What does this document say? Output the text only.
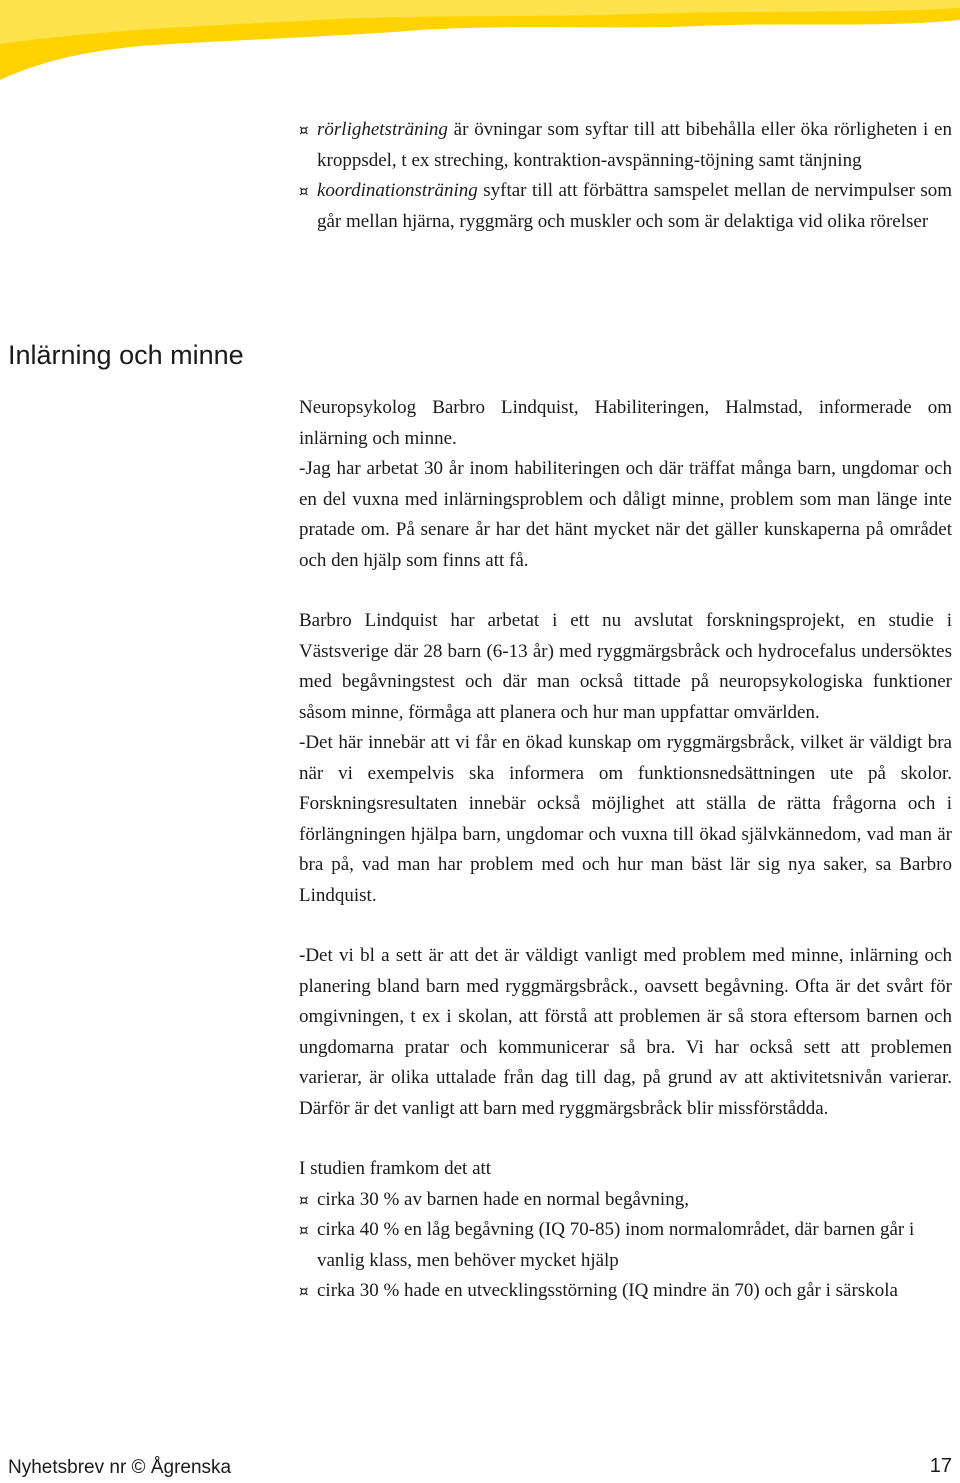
¤ rörlighetsträning är övningar som syftar till att bibehålla eller öka rörligheten i en kroppsdel, t ex streching, kontraktion-avspänning-töjning samt tänjning
¤ koordinationsträning syftar till att förbättra samspelet mellan de nervimpulser som går mellan hjärna, ryggmärg och muskler och som är delaktiga vid olika rörelser
Inlärning och minne

Neuropsykolog Barbro Lindquist, Habiliteringen, Halmstad, informerade om inlärning och minne.

-Jag har arbetat 30 år inom habiliteringen och där träffat många barn, ungdomar och en del vuxna med inlärningsproblem och dåligt minne, problem som man länge inte pratade om. På senare år har det hänt mycket när det gäller kunskaperna på området och den hjälp som finns att få.

Barbro Lindquist har arbetat i ett nu avslutat forskningsprojekt, en studie i Västsverige där 28 barn (6-13 år) med ryggmärgsbråck och hydrocefalus undersöktes med begåvningstest och där man också tittade på neuropsykologiska funktioner såsom minne, förmåga att planera och hur man uppfattar omvärlden.

-Det här innebär att vi får en ökad kunskap om ryggmärgsbråck, vilket är väldigt bra när vi exempelvis ska informera om funktionsnedsättningen ute på skolor. Forskningsresultaten innebär också möjlighet att ställa de rätta frågorna och i förlängningen hjälpa barn, ungdomar och vuxna till ökad självkännedom, vad man är bra på, vad man har problem med och hur man bäst lär sig nya saker, sa Barbro Lindquist.

-Det vi bl a sett är att det är väldigt vanligt med problem med minne, inlärning och planering bland barn med ryggmärgsbråck., oavsett begåvning. Ofta är det svårt för omgivningen, t ex i skolan, att förstå att problemen är så stora eftersom barnen och ungdomarna pratar och kommunicerar så bra. Vi har också sett att problemen varierar, är olika uttalade från dag till dag, på grund av att aktivitetsnivån varierar. Därför är det vanligt att barn med ryggmärgsbråck blir missförstådda.

I studien framkom det att

¤ cirka 30 % av barnen hade en normal begåvning,
¤ cirka 40 % en låg begåvning (IQ 70-85) inom normalområdet, där barnen går i vanlig klass, men behöver mycket hjälp
¤ cirka 30 % hade en utvecklingsstörning (IQ mindre än 70) och går i särskola
Nyhetsbrev nr © Ågrenska	17
